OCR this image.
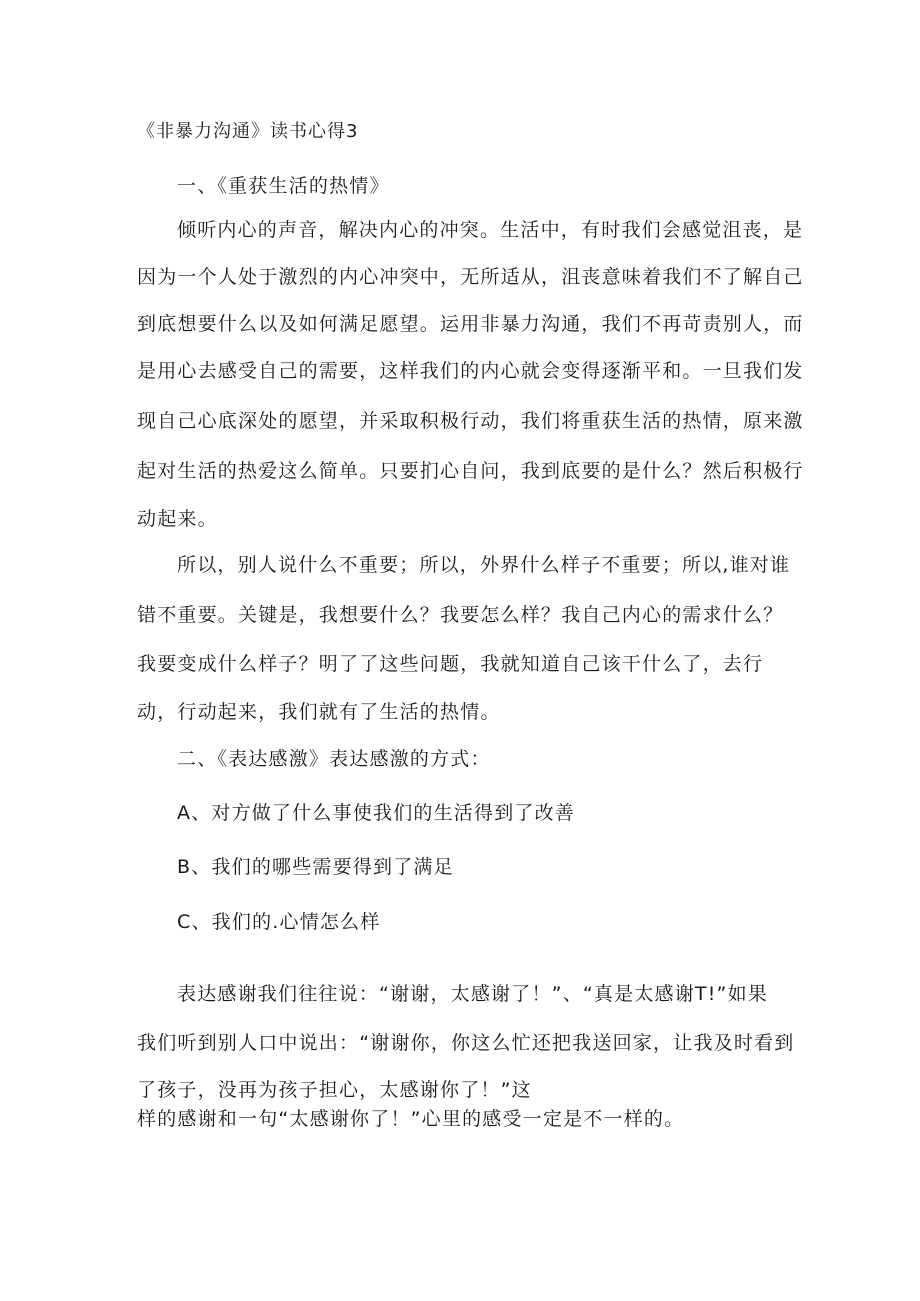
《非暴力沟通》读书心得3
一、《重获生活的热情》
倾听内心的声音，解决内心的冲突。生活中，有时我们会感觉沮丧，是
因为一个人处于激烈的内心冲突中，无所适从，沮丧意味着我们不了解自己
到底想要什么以及如何满足愿望。运用非暴力沟通，我们不再苛责别人，而
是用心去感受自己的需要，这样我们的内心就会变得逐渐平和。一旦我们发
现自己心底深处的愿望，并采取积极行动，我们将重获生活的热情，原来激
起对生活的热爱这么简单。只要扪心自问，我到底要的是什么？然后积极行
动起来。
所以，别人说什么不重要；所以，外界什么样子不重要；所以,谁对谁
错不重要。关键是，我想要什么？我要怎么样？我自己内心的需求什么？
我要变成什么样子？明了了这些问题，我就知道自己该干什么了，去行
动，行动起来，我们就有了生活的热情。
二、《表达感激》表达感激的方式：
A、对方做了什么事使我们的生活得到了改善
B、我们的哪些需要得到了满足
C、我们的.心情怎么样
表达感谢我们往往说：“谢谢，太感谢了！”、“真是太感谢T!”如果
我们听到别人口中说出：“谢谢你，你这么忙还把我送回家，让我及时看到
了孩子，没再为孩子担心，太感谢你了！”这
样的感谢和一句“太感谢你了！”心里的感受一定是不一样的。
